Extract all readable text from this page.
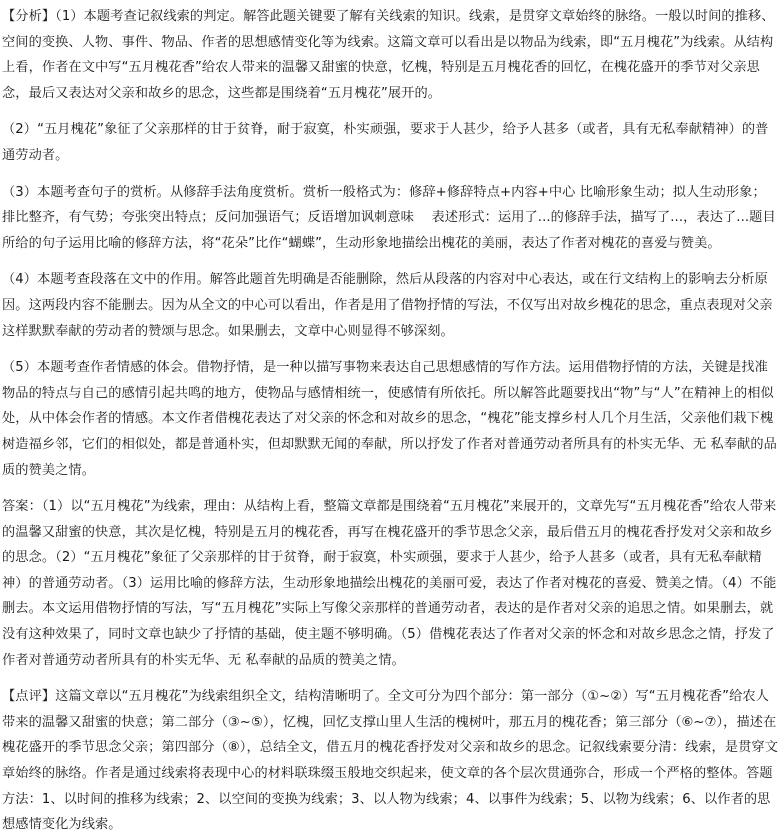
【分析】（1）本题考查记叙线索的判定。解答此题关键要了解有关线索的知识。线索，是贯穿文章始终的脉络。一般以时间的推移、空间的变换、人物、事件、物品、作者的思想感情变化等为线索。这篇文章可以看出是以物品为线索，即“五月槐花”为线索。从结构上看，作者在文中写“五月槐花香”给农人带来的温馨又甜蜜的快意，忆槐，特别是五月槐花香的回忆，在槐花盛开的季节对父亲思念，最后又表达对父亲和故乡的思念，这些都是围绕着“五月槐花”展开的。

（2）“五月槐花”象征了父亲那样的甘于贫脊，耐于寂寞，朴实顽强，要求于人甚少，给予人甚多（或者，具有无私奉献精神）的普通劳动者。

（3）本题考查句子的赏析。从修辞手法角度赏析。赏析一般格式为：修辞+修辞特点+内容+中心 比喻形象生动；拟人生动形象；排比整齐，有气势；夸张突出特点；反问加强语气；反语增加讽刺意味　 表述形式：运用了...的修辞手法，描写了...，表达了...题目所给的句子运用比喻的修辞方法，将“花朵”比作“蝴蝶”，生动形象地描绘出槐花的美丽，表达了作者对槐花的喜爱与赞美。

（4）本题考查段落在文中的作用。解答此题首先明确是否能删除，然后从段落的内容对中心表达，或在行文结构上的影响去分析原因。这两段内容不能删去。因为从全文的中心可以看出，作者是用了借物抒情的写法，不仅写出对故乡槐花的思念，重点表现对父亲这样默默奉献的劳动者的赞颂与思念。如果删去，文章中心则显得不够深刻。

（5）本题考查作者情感的体会。借物抒情，是一种以描写事物来表达自己思想感情的写作方法。运用借物抒情的方法，关键是找准物品的特点与自己的感情引起共鸣的地方，使物品与感情相统一，使感情有所依托。所以解答此题要找出“物”与“人”在精神上的相似处，从中体会作者的情感。本文作者借槐花表达了对父亲的怀念和对故乡的思念，“槐花”能支撑乡村人几个月生活，父亲他们栽下槐树造福乡邻，它们的相似处，都是普通朴实，但却默默无闻的奉献，所以抒发了作者对普通劳动者所具有的朴实无华、无 私奉献的品质的赞美之情。

答案：（1）以“五月槐花”为线索，理由：从结构上看，整篇文章都是围绕着“五月槐花”来展开的，文章先写“五月槐花香”给农人带来的温馨又甜蜜的快意，其次是忆槐，特别是五月的槐花香，再写在槐花盛开的季节思念父亲，最后借五月的槐花香抒发对父亲和故乡的思念。（2）“五月槐花”象征了父亲那样的甘于贫脊，耐于寂寞，朴实顽强，要求于人甚少，给予人甚多（或者，具有无私奉献精神）的普通劳动者。（3）运用比喻的修辞方法，生动形象地描绘出槐花的美丽可爱，表达了作者对槐花的喜爱、赞美之情。（4）不能删去。本文运用借物抒情的写法，写“五月槐花”实际上写像父亲那样的普通劳动者，表达的是作者对父亲的追思之情。如果删去，就没有这种效果了，同时文章也缺少了抒情的基础，使主题不够明确。（5）借槐花表达了作者对父亲的怀念和对故乡思念之情，抒发了作者对普通劳动者所具有的朴实无华、无 私奉献的品质的赞美之情。

【点评】这篇文章以“五月槐花”为线索组织全文，结构清晰明了。全文可分为四个部分：第一部分（①~②）写“五月槐花香”给农人带来的温馨又甜蜜的快意；第二部分（③~⑤），忆槐，回忆支撑山里人生活的槐树叶，那五月的槐花香；第三部分（⑥~⑦），描述在槐花盛开的季节思念父亲；第四部分（⑧），总结全文，借五月的槐花香抒发对父亲和故乡的思念。记叙线索要分清：线索，是贯穿文章始终的脉络。作者是通过线索将表现中心的材料联珠缀玉般地交织起来，使文章的各个层次贯通弥合，形成一个严格的整体。答题方法：1、以时间的推移为线索；2、以空间的变换为线索；3、以人物为线索；4、以事件为线索；5、以物为线索；6、以作者的思想感情变化为线索。
